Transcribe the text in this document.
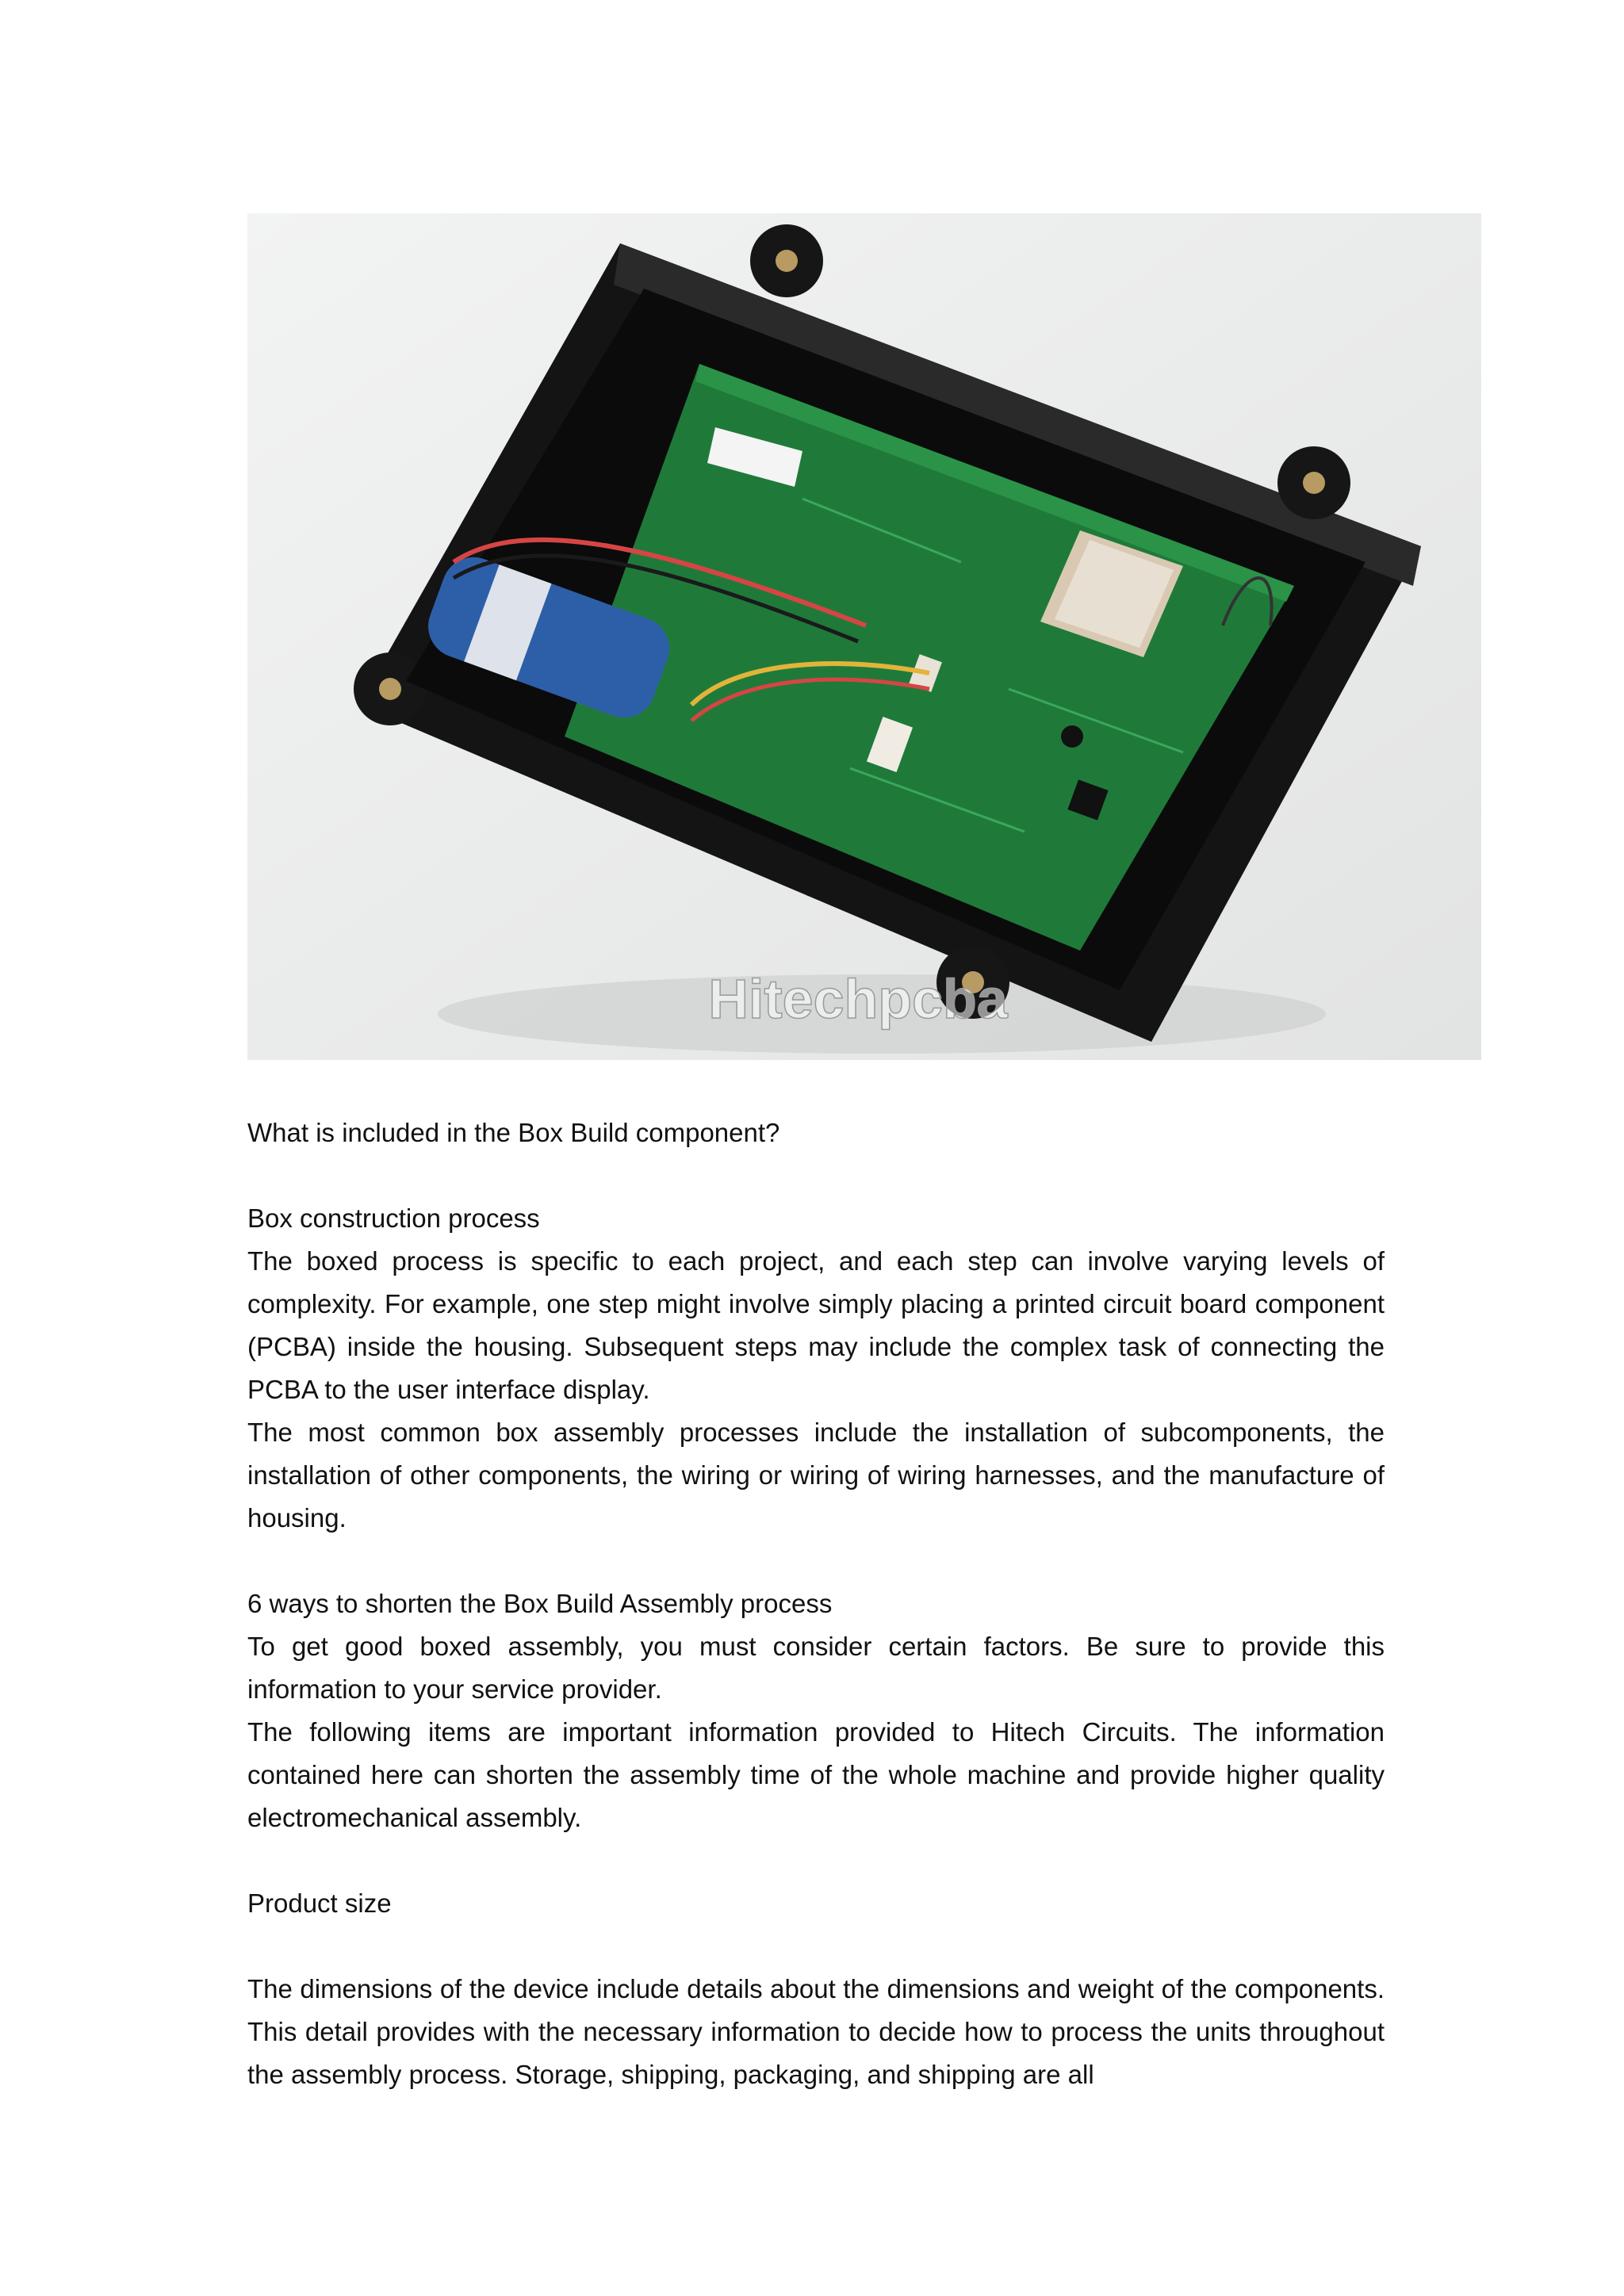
Hitechpcba

What is included in the Box Build component?

Box construction process

The boxed process is specific to each project, and each step can involve varying levels of complexity. For example, one step might involve simply placing a printed circuit board component (PCBA) inside the housing. Subsequent steps may include the complex task of connecting the PCBA to the user interface display.

The most common box assembly processes include the installation of subcomponents, the installation of other components, the wiring or wiring of wiring harnesses, and the manufacture of housing.

6 ways to shorten the Box Build Assembly process

To get good boxed assembly, you must consider certain factors. Be sure to provide this information to your service provider.

The following items are important information provided to Hitech Circuits. The information contained here can shorten the assembly time of the whole machine and provide higher quality electromechanical assembly.

Product size

The dimensions of the device include details about the dimensions and weight of the components. This detail provides with the necessary information to decide how to process the units throughout the assembly process. Storage, shipping, packaging, and shipping are all
